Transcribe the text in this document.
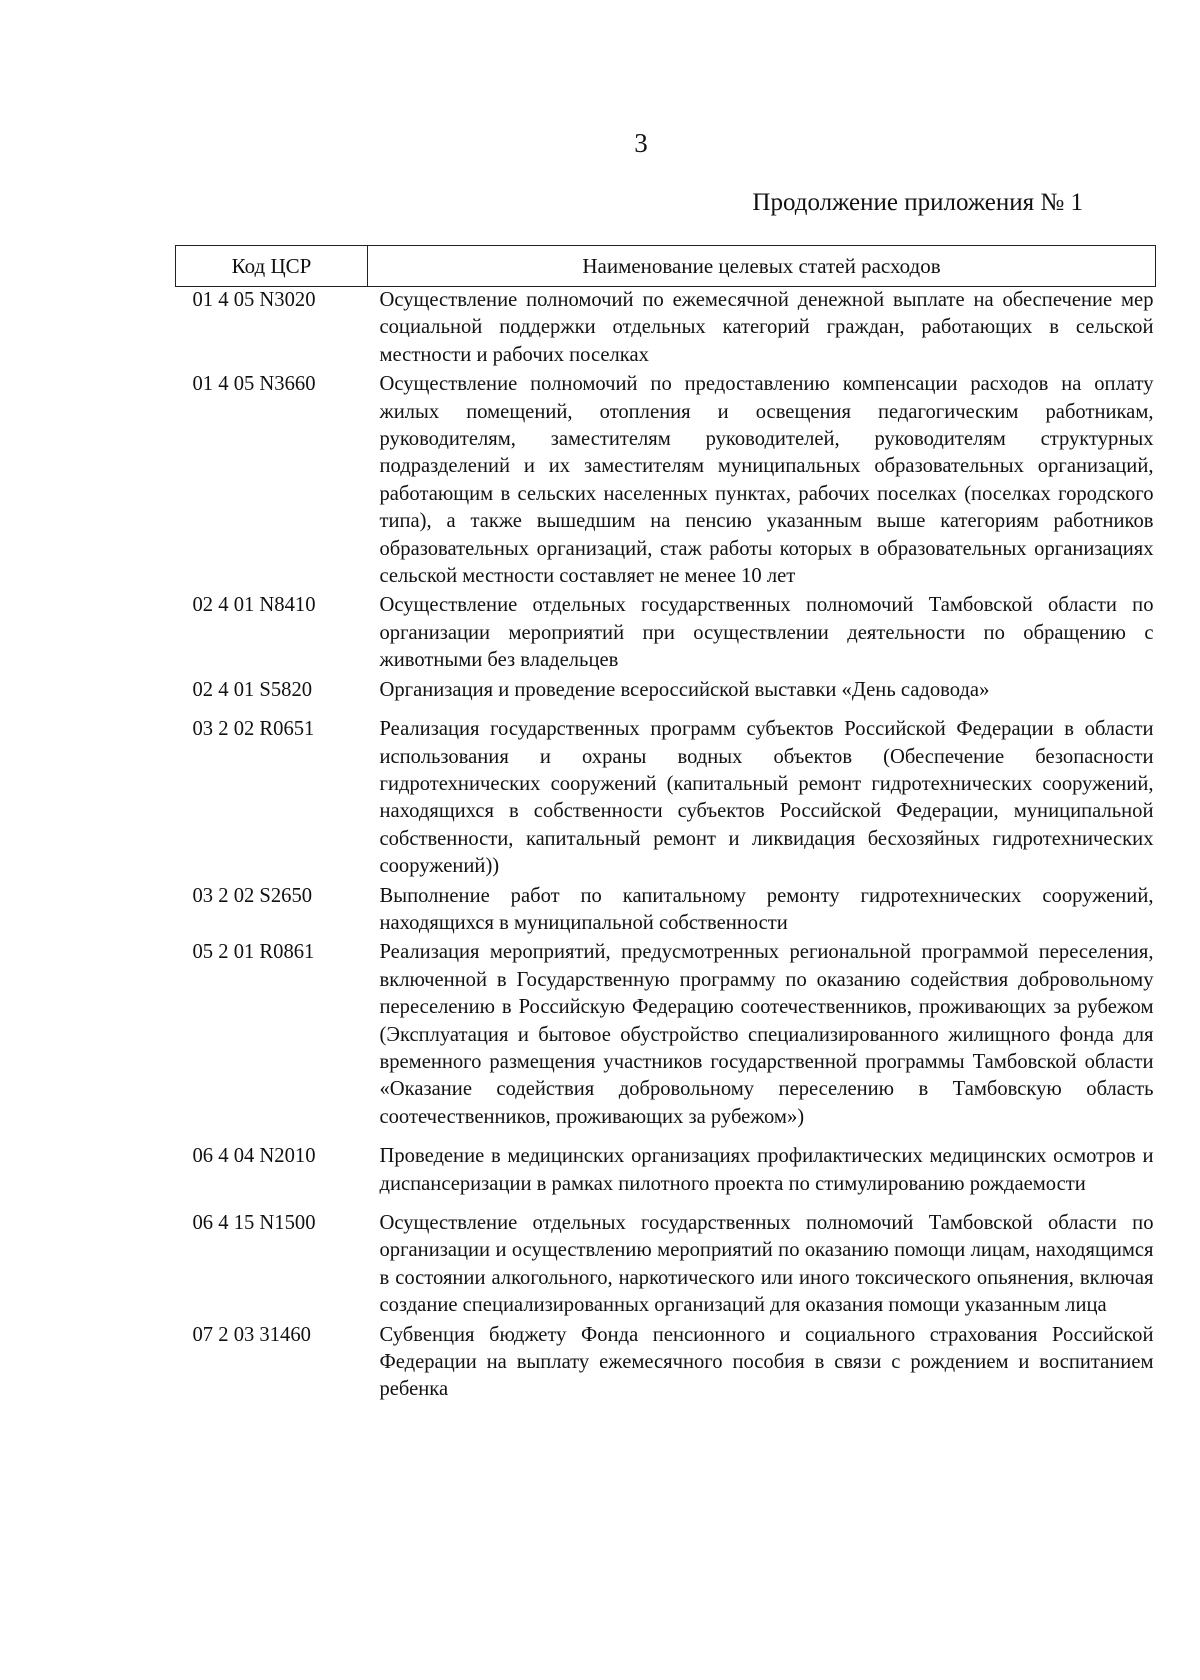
3
Продолжение приложения № 1
Код ЦСР	Наименование целевых статей расходов
01 4 05 N3020	Осуществление полномочий по ежемесячной денежной выплате на обеспечение мер социальной поддержки отдельных категорий граждан, работающих в сельской местности и рабочих поселках
01 4 05 N3660	Осуществление полномочий по предоставлению компенсации расходов на оплату жилых помещений, отопления и освещения педагогическим работникам, руководителям, заместителям руководителей, руководителям структурных подразделений и их заместителям муниципальных образовательных организаций, работающим в сельских населенных пунктах, рабочих поселках (поселках городского типа), а также вышедшим на пенсию указанным выше категориям работников образовательных организаций, стаж работы которых в образовательных организациях сельской местности составляет не менее 10 лет
02 4 01 N8410	Осуществление отдельных государственных полномочий Тамбовской области по организации мероприятий при осуществлении деятельности по обращению с животными без владельцев
02 4 01 S5820	Организация и проведение всероссийской выставки «День садовода»
03 2 02 R0651	Реализация государственных программ субъектов Российской Федерации в области использования и охраны водных объектов (Обеспечение безопасности гидротехнических сооружений (капитальный ремонт гидротехнических сооружений, находящихся в собственности субъектов Российской Федерации, муниципальной собственности, капитальный ремонт и ликвидация бесхозяйных гидротехнических сооружений))
03 2 02 S2650	Выполнение работ по капитальному ремонту гидротехнических сооружений, находящихся в муниципальной собственности
05 2 01 R0861	Реализация мероприятий, предусмотренных региональной программой переселения, включенной в Государственную программу по оказанию содействия добровольному переселению в Российскую Федерацию соотечественников, проживающих за рубежом (Эксплуатация и бытовое обустройство специализированного жилищного фонда для временного размещения участников государственной программы Тамбовской области «Оказание содействия добровольному переселению в Тамбовскую область соотечественников, проживающих за рубежом»)
06 4 04 N2010	Проведение в медицинских организациях профилактических медицинских осмотров и диспансеризации в рамках пилотного проекта по стимулированию рождаемости
06 4 15 N1500	Осуществление отдельных государственных полномочий Тамбовской области по организации и осуществлению мероприятий по оказанию помощи лицам, находящимся в состоянии алкогольного, наркотического или иного токсического опьянения, включая создание специализированных организаций для оказания помощи указанным лица
07 2 03 31460	Субвенция бюджету Фонда пенсионного и социального страхования Российской Федерации на выплату ежемесячного пособия в связи с рождением и воспитанием ребенка
